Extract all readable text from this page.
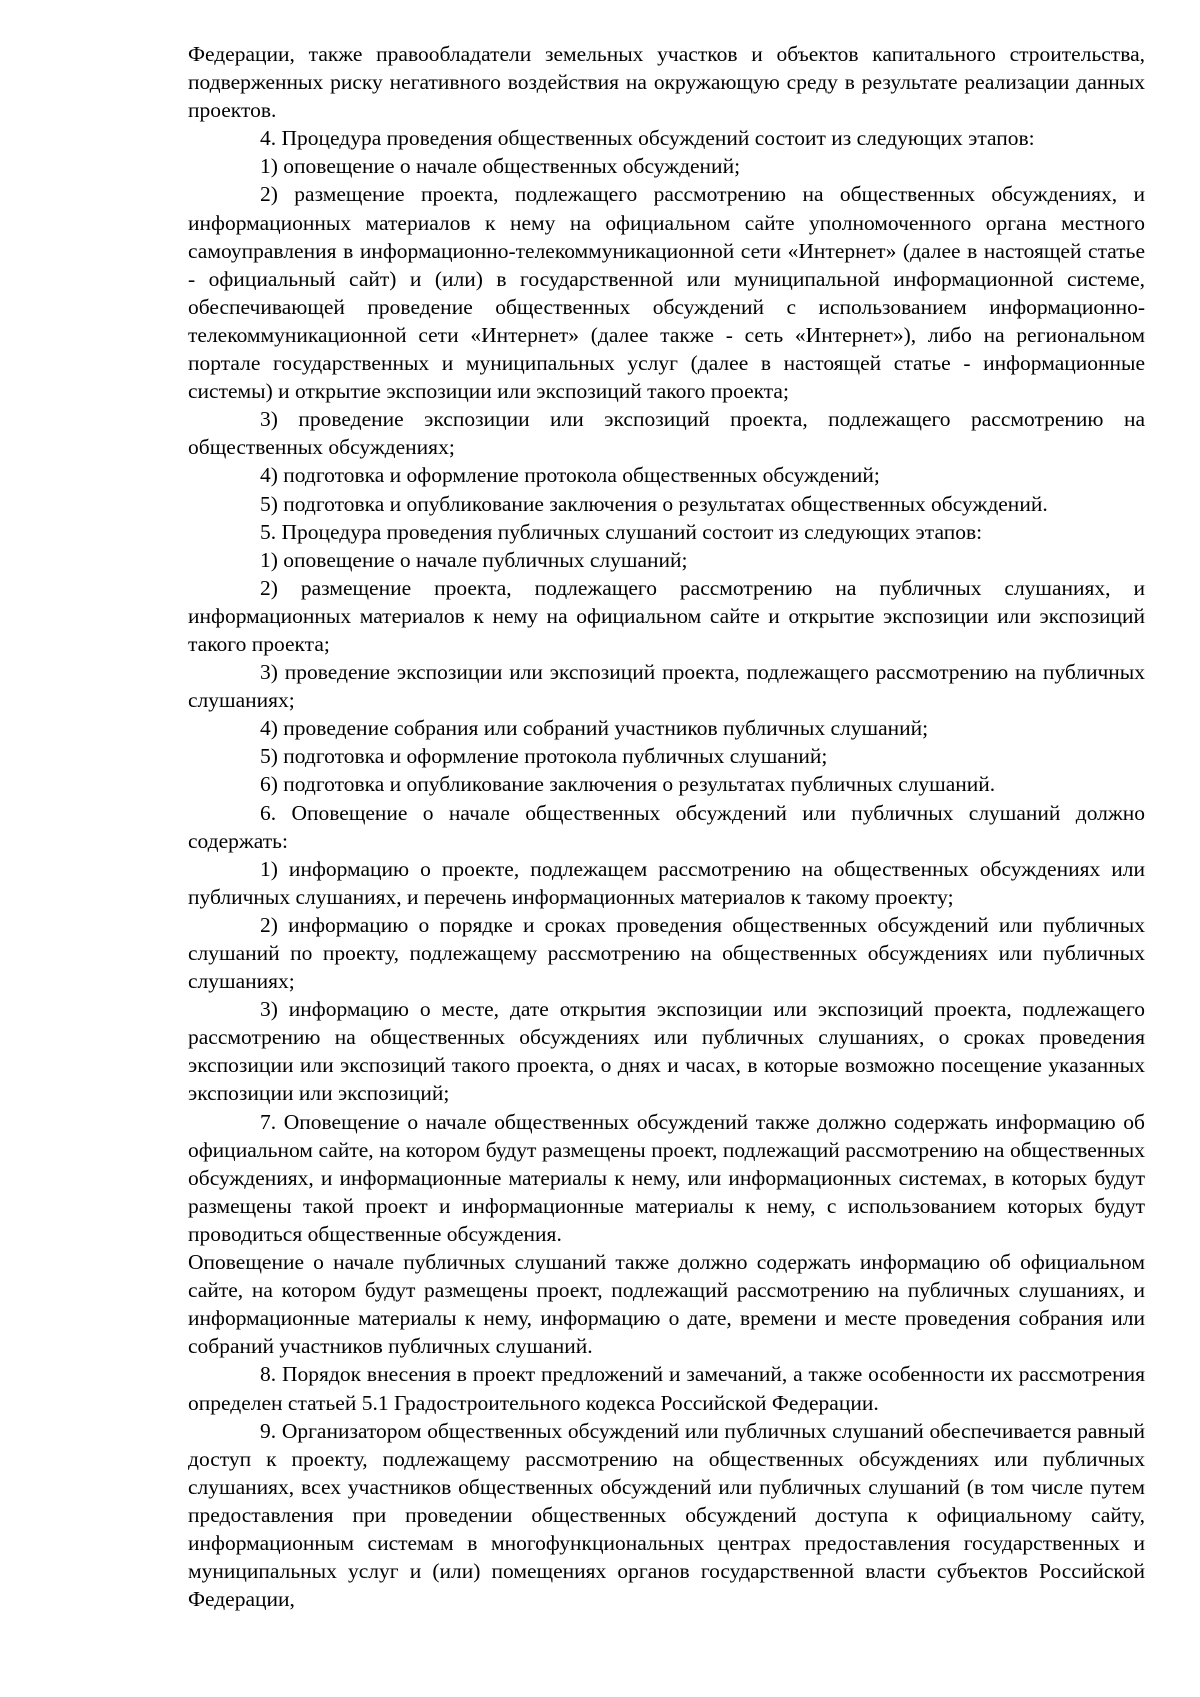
Федерации, также правообладатели земельных участков и объектов капитального строительства, подверженных риску негативного воздействия на окружающую среду в результате реализации данных проектов.

4. Процедура проведения общественных обсуждений состоит из следующих этапов:

1) оповещение о начале общественных обсуждений;

2) размещение проекта, подлежащего рассмотрению на общественных обсуждениях, и информационных материалов к нему на официальном сайте уполномоченного органа местного самоуправления в информационно-телекоммуникационной сети «Интернет» (далее в настоящей статье - официальный сайт) и (или) в государственной или муниципальной информационной системе, обеспечивающей проведение общественных обсуждений с использованием информационно-телекоммуникационной сети «Интернет» (далее также - сеть «Интернет»), либо на региональном портале государственных и муниципальных услуг (далее в настоящей статье - информационные системы) и открытие экспозиции или экспозиций такого проекта;

3) проведение экспозиции или экспозиций проекта, подлежащего рассмотрению на общественных обсуждениях;

4) подготовка и оформление протокола общественных обсуждений;

5) подготовка и опубликование заключения о результатах общественных обсуждений.

5. Процедура проведения публичных слушаний состоит из следующих этапов:

1) оповещение о начале публичных слушаний;

2) размещение проекта, подлежащего рассмотрению на публичных слушаниях, и информационных материалов к нему на официальном сайте и открытие экспозиции или экспозиций такого проекта;

3) проведение экспозиции или экспозиций проекта, подлежащего рассмотрению на публичных слушаниях;

4) проведение собрания или собраний участников публичных слушаний;

5) подготовка и оформление протокола публичных слушаний;

6) подготовка и опубликование заключения о результатах публичных слушаний.

6. Оповещение о начале общественных обсуждений или публичных слушаний должно содержать:

1) информацию о проекте, подлежащем рассмотрению на общественных обсуждениях или публичных слушаниях, и перечень информационных материалов к такому проекту;

2) информацию о порядке и сроках проведения общественных обсуждений или публичных слушаний по проекту, подлежащему рассмотрению на общественных обсуждениях или публичных слушаниях;

3) информацию о месте, дате открытия экспозиции или экспозиций проекта, подлежащего рассмотрению на общественных обсуждениях или публичных слушаниях, о сроках проведения экспозиции или экспозиций такого проекта, о днях и часах, в которые возможно посещение указанных экспозиции или экспозиций;

7. Оповещение о начале общественных обсуждений также должно содержать информацию об официальном сайте, на котором будут размещены проект, подлежащий рассмотрению на общественных обсуждениях, и информационные материалы к нему, или информационных системах, в которых будут размещены такой проект и информационные материалы к нему, с использованием которых будут проводиться общественные обсуждения.

Оповещение о начале публичных слушаний также должно содержать информацию об официальном сайте, на котором будут размещены проект, подлежащий рассмотрению на публичных слушаниях, и информационные материалы к нему, информацию о дате, времени и месте проведения собрания или собраний участников публичных слушаний.

8. Порядок внесения в проект предложений и замечаний, а также особенности их рассмотрения определен статьей 5.1 Градостроительного кодекса Российской Федерации.

9. Организатором общественных обсуждений или публичных слушаний обеспечивается равный доступ к проекту, подлежащему рассмотрению на общественных обсуждениях или публичных слушаниях, всех участников общественных обсуждений или публичных слушаний (в том числе путем предоставления при проведении общественных обсуждений доступа к официальному сайту, информационным системам в многофункциональных центрах предоставления государственных и муниципальных услуг и (или) помещениях органов государственной власти субъектов Российской Федерации,
